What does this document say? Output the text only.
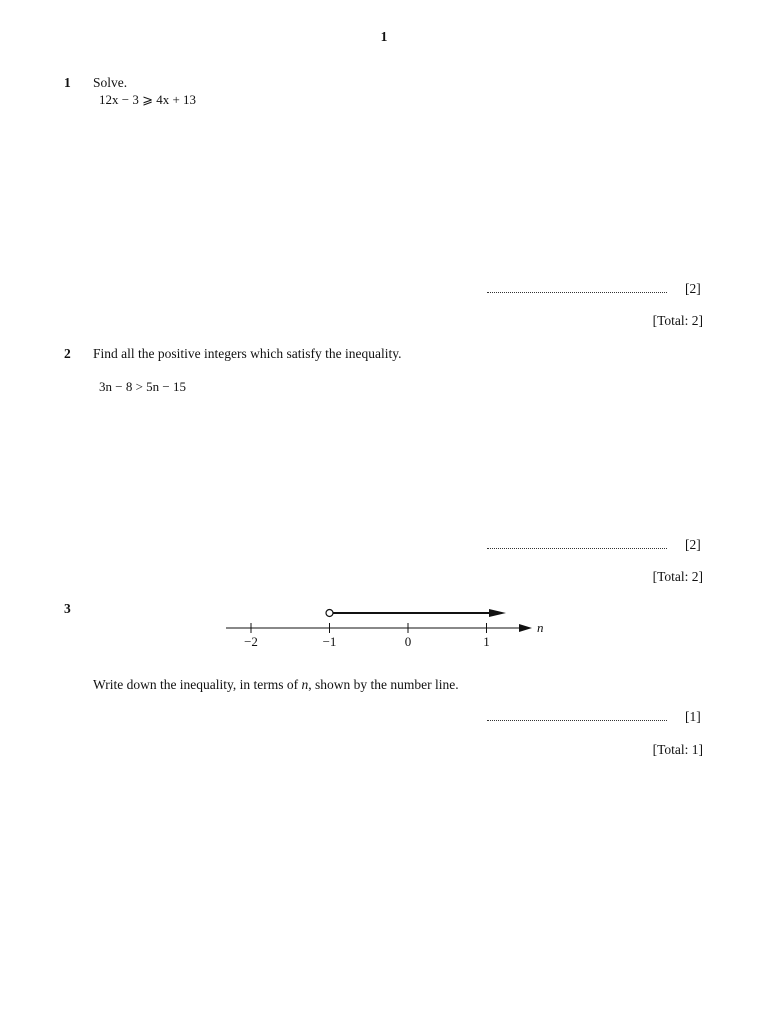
1
1 Solve.
12x − 3 ⩾ 4x + 13
[2]
[Total: 2]
2 Find all the positive integers which satisfy the inequality.
3n − 8 > 5n − 15
[2]
[Total: 2]
3
−2	−1	0	1
n
Write down the inequality, in terms of n, shown by the number line.
[1]
[Total: 1]
